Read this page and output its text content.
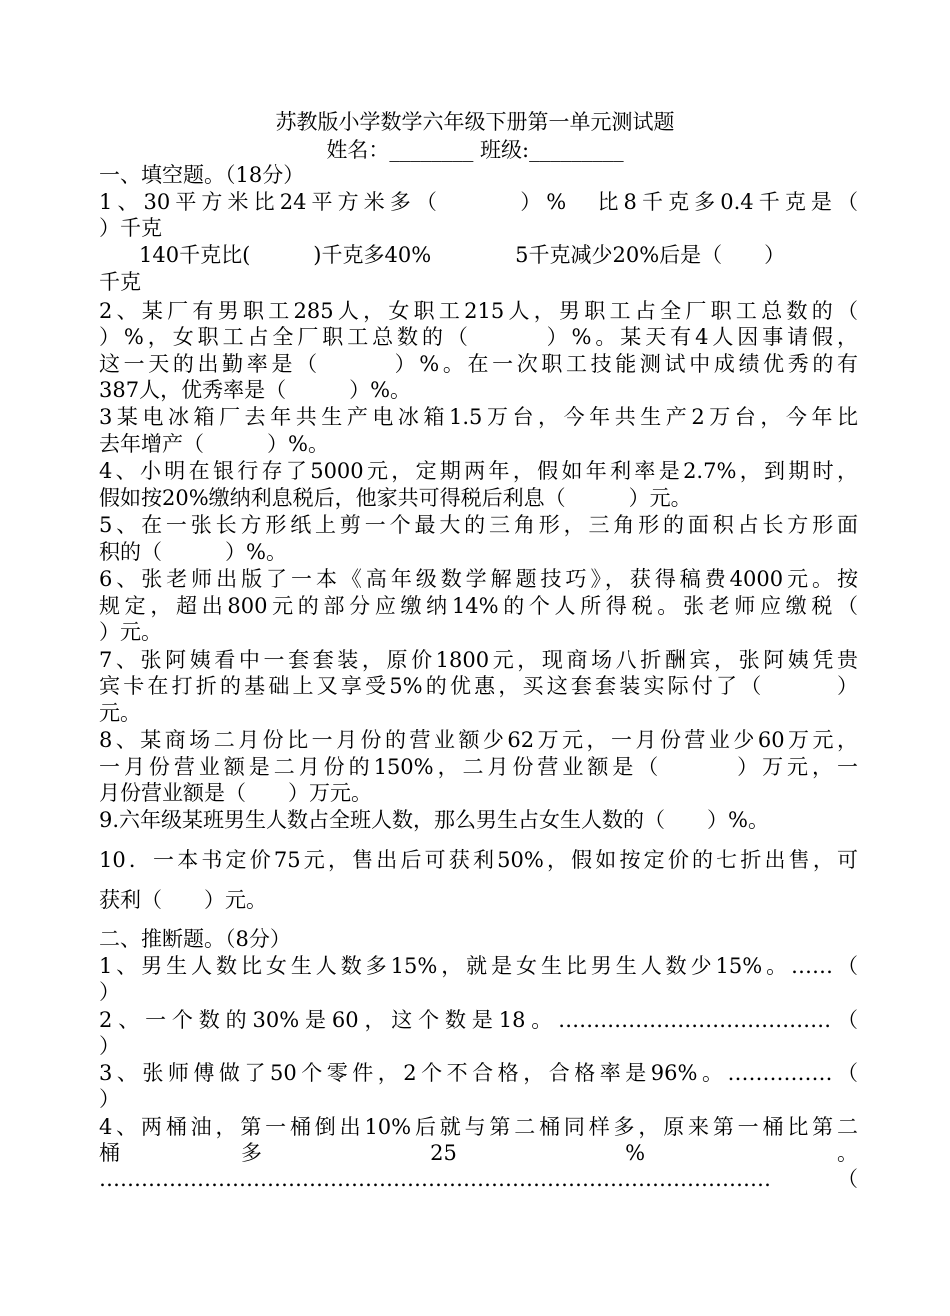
苏教版小学数学六年级下册第一单元测试题
姓名：________ 班级:_________
一、填空题。（18分）
1、30平方米比24平方米多（　　　）%　比8千克多0.4千克是（
）千克
140千克比(　　　)千克多40%　　　　5千克减少20%后是（　　）
千克
2、某厂有男职工285人，女职工215人，男职工占全厂职工总数的（
）%，女职工占全厂职工总数的（　　　）%。某天有4人因事请假，
这一天的出勤率是（　　　）%。在一次职工技能测试中成绩优秀的有
387人，优秀率是（　　　）%。
3某电冰箱厂去年共生产电冰箱1.5万台，今年共生产2万台，今年比
去年增产（　　　）%。
4、小明在银行存了5000元，定期两年，假如年利率是2.7%，到期时，
假如按20%缴纳利息税后，他家共可得税后利息（　　　）元。
5、在一张长方形纸上剪一个最大的三角形，三角形的面积占长方形面
积的（　　　）%。
6、张老师出版了一本《高年级数学解题技巧》，获得稿费4000元。按
规定，超出800元的部分应缴纳14%的个人所得税。张老师应缴税（
）元。
7、张阿姨看中一套套装，原价1800元，现商场八折酬宾，张阿姨凭贵
宾卡在打折的基础上又享受5%的优惠，买这套套装实际付了（　　　）
元。
8、某商场二月份比一月份的营业额少62万元，一月份营业少60万元，
一月份营业额是二月份的150%，二月份营业额是（　　　）万元，一
月份营业额是（　　）万元。
9.六年级某班男生人数占全班人数，那么男生占女生人数的（　　）%。
10．一本书定价75元，售出后可获利50%，假如按定价的七折出售，可
获利（　　）元。
二、推断题。（8分）
1、男生人数比女生人数多15%，就是女生比男生人数少15%。……（
）
2、一个数的30%是60，这个数是18。…………………………………（
）
3、张师傅做了50个零件，2个不合格，合格率是96%。……………（
）
4、两桶油，第一桶倒出10%后就与第二桶同样多，原来第一桶比第二
桶　　　　　多　　　　　　　25　　　　　　　%　　　　　　　　。
……………………………………………………………………………………（
